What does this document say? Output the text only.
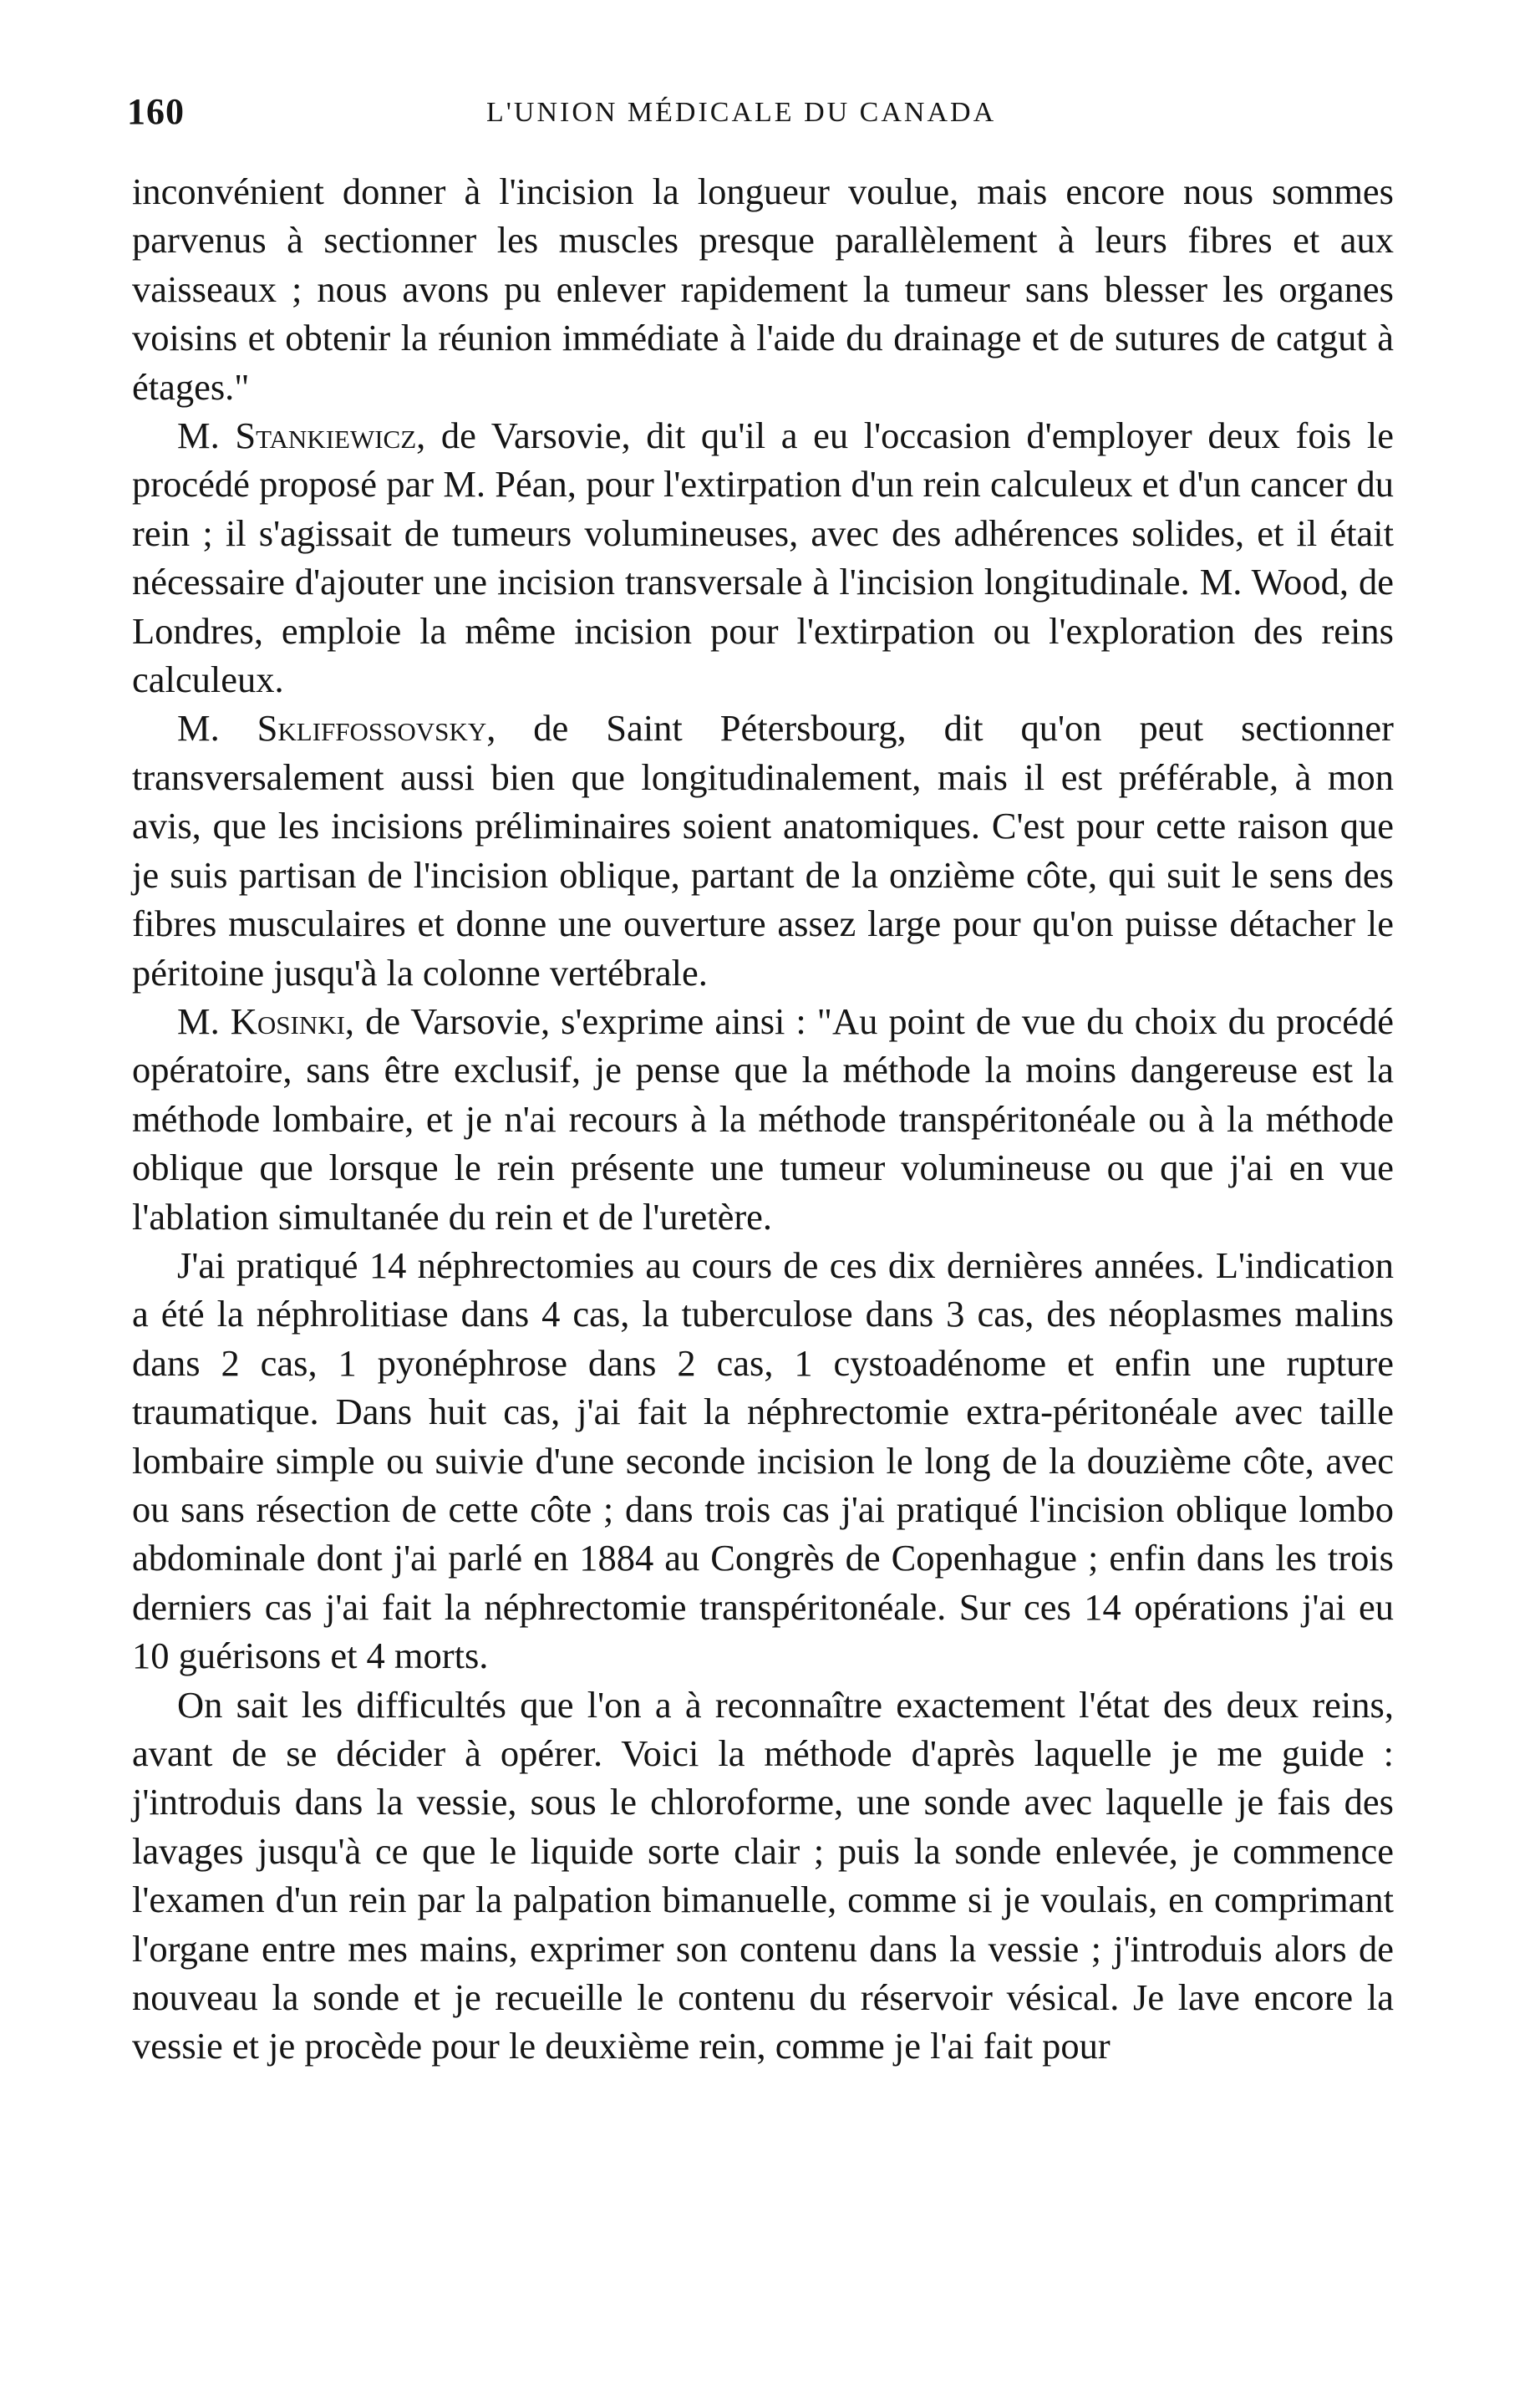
160	L'UNION MÉDICALE DU CANADA

inconvénient donner à l'incision la longueur voulue, mais encore nous sommes parvenus à sectionner les muscles presque parallèlement à leurs fibres et aux vaisseaux ; nous avons pu enlever rapidement la tumeur sans blesser les organes voisins et obtenir la réunion immédiate à l'aide du drainage et de sutures de catgut à étages."

M. Stankiewicz, de Varsovie, dit qu'il a eu l'occasion d'employer deux fois le procédé proposé par M. Péan, pour l'extirpation d'un rein calculeux et d'un cancer du rein ; il s'agissait de tumeurs volumineuses, avec des adhérences solides, et il était nécessaire d'ajouter une incision transversale à l'incision longitudinale. M. Wood, de Londres, emploie la même incision pour l'extirpation ou l'exploration des reins calculeux.

M. Skliffossovsky, de Saint Pétersbourg, dit qu'on peut sectionner transversalement aussi bien que longitudinalement, mais il est préférable, à mon avis, que les incisions préliminaires soient anatomiques. C'est pour cette raison que je suis partisan de l'incision oblique, partant de la onzième côte, qui suit le sens des fibres musculaires et donne une ouverture assez large pour qu'on puisse détacher le péritoine jusqu'à la colonne vertébrale.

M. Kosinki, de Varsovie, s'exprime ainsi : "Au point de vue du choix du procédé opératoire, sans être exclusif, je pense que la méthode la moins dangereuse est la méthode lombaire, et je n'ai recours à la méthode transpéritonéale ou à la méthode oblique que lorsque le rein présente une tumeur volumineuse ou que j'ai en vue l'ablation simultanée du rein et de l'uretère.

J'ai pratiqué 14 néphrectomies au cours de ces dix dernières années. L'indication a été la néphrolitiase dans 4 cas, la tuberculose dans 3 cas, des néoplasmes malins dans 2 cas, 1 pyonéphrose dans 2 cas, 1 cystoadénome et enfin une rupture traumatique. Dans huit cas, j'ai fait la néphrectomie extra-péritonéale avec taille lombaire simple ou suivie d'une seconde incision le long de la douzième côte, avec ou sans résection de cette côte ; dans trois cas j'ai pratiqué l'incision oblique lombo abdominale dont j'ai parlé en 1884 au Congrès de Copenhague ; enfin dans les trois derniers cas j'ai fait la néphrectomie transpéritonéale. Sur ces 14 opérations j'ai eu 10 guérisons et 4 morts.

On sait les difficultés que l'on a à reconnaître exactement l'état des deux reins, avant de se décider à opérer. Voici la méthode d'après laquelle je me guide : j'introduis dans la vessie, sous le chloroforme, une sonde avec laquelle je fais des lavages jusqu'à ce que le liquide sorte clair ; puis la sonde enlevée, je commence l'examen d'un rein par la palpation bimanuelle, comme si je voulais, en comprimant l'organe entre mes mains, exprimer son contenu dans la vessie ; j'introduis alors de nouveau la sonde et je recueille le contenu du réservoir vésical. Je lave encore la vessie et je procède pour le deuxième rein, comme je l'ai fait pour
